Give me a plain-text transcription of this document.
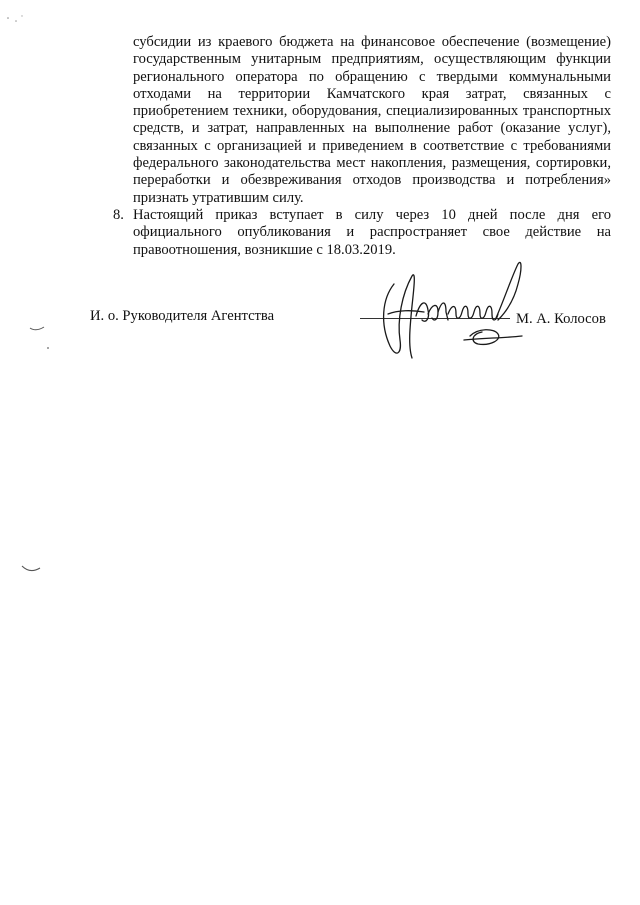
субсидии из краевого бюджета на финансовое обеспечение (возмещение) государственным унитарным предприятиям, осуществляющим функции регионального оператора по обращению с твердыми коммунальными отходами на территории Камчатского края затрат, связанных с приобретением техники, оборудования, специализированных транспортных средств, и затрат, направленных на выполнение работ (оказание услуг), связанных с организацией и приведением в соответствие с требованиями федерального законодательства мест накопления, размещения, сортировки, переработки и обезвреживания отходов производства и потребления» признать утратившим силу.

8. Настоящий приказ вступает в силу через 10 дней после дня его официального опубликования и распространяет свое действие на правоотношения, возникшие с 18.03.2019.

И. о. Руководителя Агентства	М. А. Колосов
